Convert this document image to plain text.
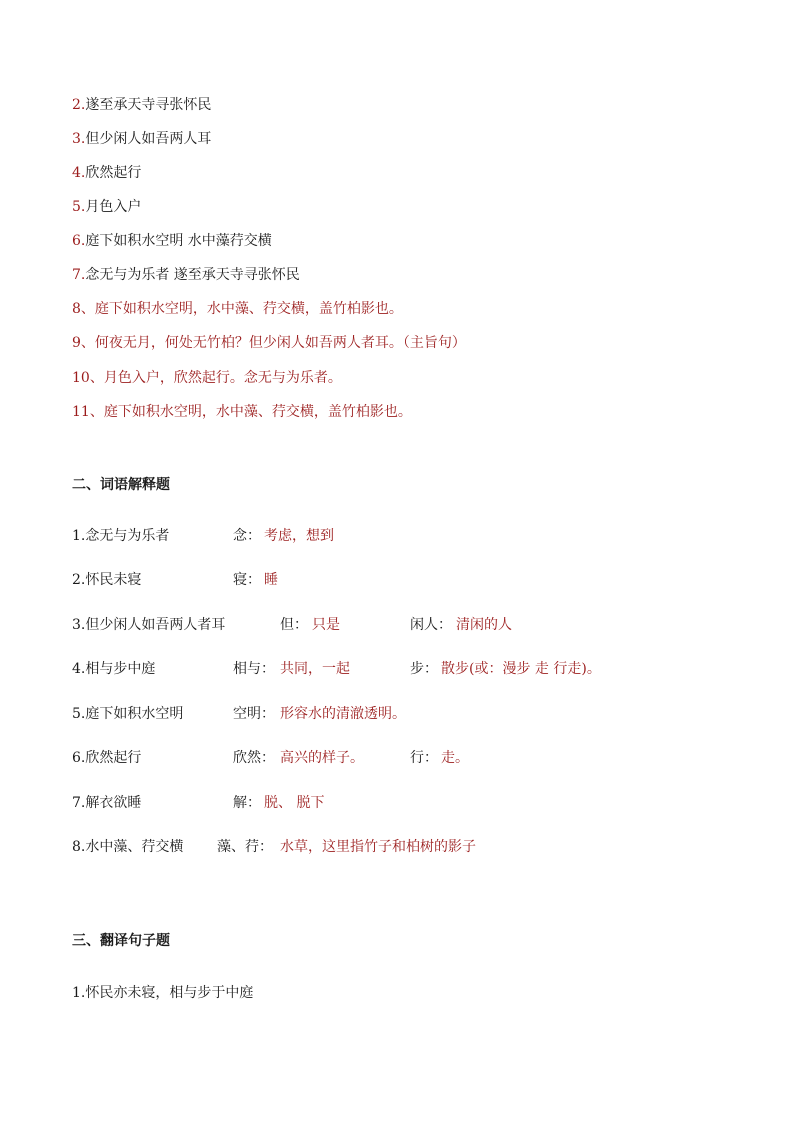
2.遂至承天寺寻张怀民
3.但少闲人如吾两人耳
4.欣然起行
5.月色入户
6.庭下如积水空明 水中藻荇交横
7.念无与为乐者 遂至承天寺寻张怀民
8、庭下如积水空明，水中藻、荇交横，盖竹柏影也。
9、何夜无月，何处无竹柏？但少闲人如吾两人者耳。（主旨句）
10、月色入户，欣然起行。念无与为乐者。
11、庭下如积水空明，水中藻、荇交横，盖竹柏影也。
二、词语解释题
1.念无与为乐者	念： 考虑，想到
2.怀民未寝	寝： 睡
3.但少闲人如吾两人者耳	但： 只是	闲人： 清闲的人
4.相与步中庭	相与： 共同，一起	步： 散步(或：漫步 走 行走)。
5.庭下如积水空明	空明： 形容水的清澈透明。
6.欣然起行	欣然： 高兴的样子。	行： 走。
7.解衣欲睡	解： 脱、 脱下
8.水中藻、荇交横 藻、荇： 水草，这里指竹子和柏树的影子
三、翻译句子题
1.怀民亦未寝，相与步于中庭
